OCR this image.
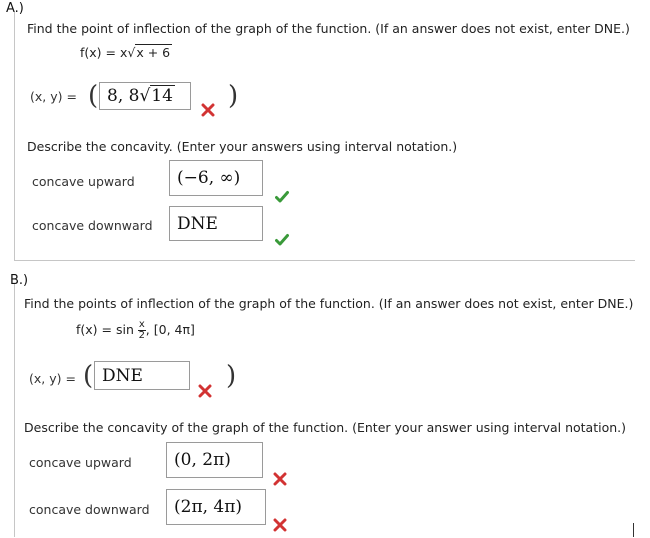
A.)
Find the point of inflection of the graph of the function. (If an answer does not exist, enter DNE.)
f(x) = x√x + 6
(x, y) = ( 8, 8√14 )
Describe the concavity. (Enter your answers using interval notation.)
concave upward (−6, ∞)
concave downward DNE
B.)
Find the points of inflection of the graph of the function. (If an answer does not exist, enter DNE.)
$f(x) = \sin \frac{x}{2}$ , [0, 4π]
(x, y) = ( DNE	)
Describe the concavity of the graph of the function. (Enter your answer using interval notation.)
concave upward (0, 2π)
concave downward (2π, 4π)
